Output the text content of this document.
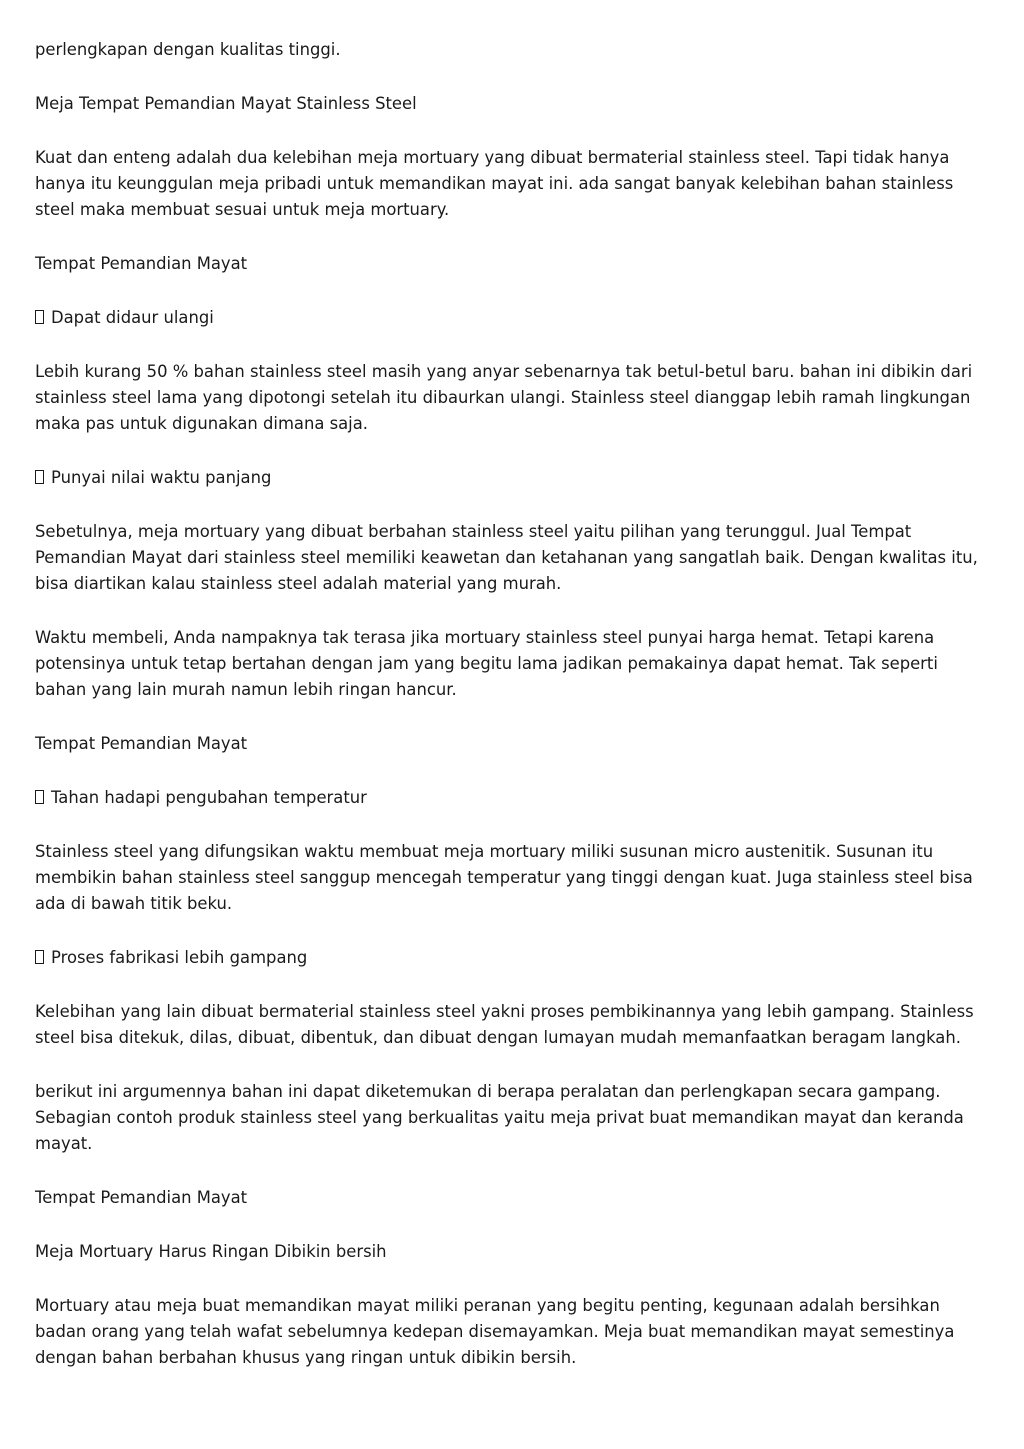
perlengkapan dengan kualitas tinggi.

Meja Tempat Pemandian Mayat Stainless Steel

Kuat dan enteng adalah dua kelebihan meja mortuary yang dibuat bermaterial stainless steel. Tapi tidak hanya hanya itu keunggulan meja pribadi untuk memandikan mayat ini. ada sangat banyak kelebihan bahan stainless steel maka membuat sesuai untuk meja mortuary.

Tempat Pemandian Mayat

Dapat didaur ulangi

Lebih kurang 50 % bahan stainless steel masih yang anyar sebenarnya tak betul-betul baru. bahan ini dibikin dari stainless steel lama yang dipotongi setelah itu dibaurkan ulangi. Stainless steel dianggap lebih ramah lingkungan maka pas untuk digunakan dimana saja.

Punyai nilai waktu panjang

Sebetulnya, meja mortuary yang dibuat berbahan stainless steel yaitu pilihan yang terunggul. Jual Tempat Pemandian Mayat dari stainless steel memiliki keawetan dan ketahanan yang sangatlah baik. Dengan kwalitas itu, bisa diartikan kalau stainless steel adalah material yang murah.

Waktu membeli, Anda nampaknya tak terasa jika mortuary stainless steel punyai harga hemat. Tetapi karena potensinya untuk tetap bertahan dengan jam yang begitu lama jadikan pemakainya dapat hemat. Tak seperti bahan yang lain murah namun lebih ringan hancur.

Tempat Pemandian Mayat

Tahan hadapi pengubahan temperatur

Stainless steel yang difungsikan waktu membuat meja mortuary miliki susunan micro austenitik. Susunan itu membikin bahan stainless steel sanggup mencegah temperatur yang tinggi dengan kuat. Juga stainless steel bisa ada di bawah titik beku.

Proses fabrikasi lebih gampang

Kelebihan yang lain dibuat bermaterial stainless steel yakni proses pembikinannya yang lebih gampang. Stainless steel bisa ditekuk, dilas, dibuat, dibentuk, dan dibuat dengan lumayan mudah memanfaatkan beragam langkah.

berikut ini argumennya bahan ini dapat diketemukan di berapa peralatan dan perlengkapan secara gampang. Sebagian contoh produk stainless steel yang berkualitas yaitu meja privat buat memandikan mayat dan keranda mayat.

Tempat Pemandian Mayat

Meja Mortuary Harus Ringan Dibikin bersih

Mortuary atau meja buat memandikan mayat miliki peranan yang begitu penting, kegunaan adalah bersihkan badan orang yang telah wafat sebelumnya kedepan disemayamkan. Meja buat memandikan mayat semestinya dengan bahan berbahan khusus yang ringan untuk dibikin bersih.
